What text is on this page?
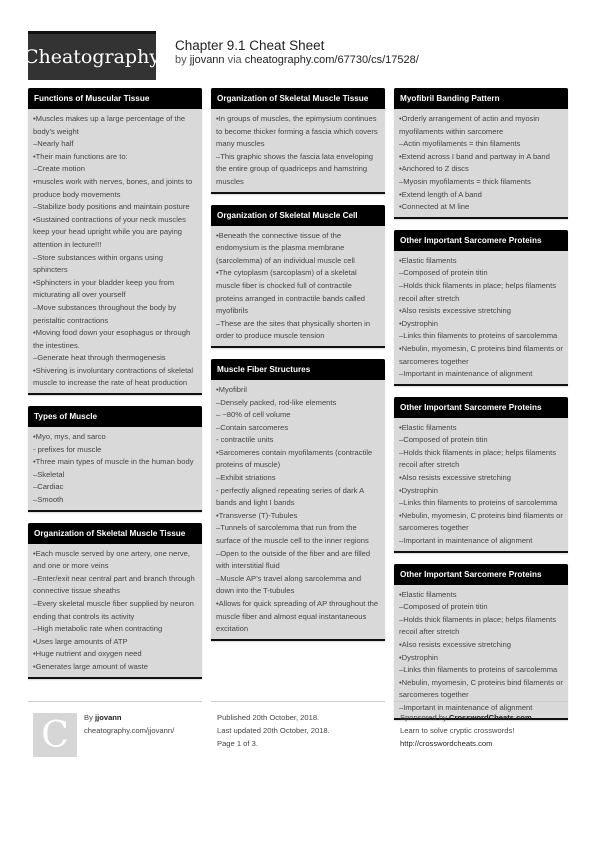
Cheatography
Chapter 9.1 Cheat Sheet
by jjovann via cheatography.com/67730/cs/17528/
Functions of Muscular Tissue
•Muscles makes up a large percentage of the body’s weight
–Nearly half
•Their main functions are to:
–Create motion
•muscles work with nerves, bones, and joints to produce body movements
–Stabilize body positions and maintain posture
•Sustained contractions of your neck muscles keep your head upright while you are paying attention in lecture!!!
–Store substances within organs using sphincters
•Sphincters in your bladder keep you from micturating all over yourself
–Move substances throughout the body by peristaltic contractions
•Moving food down your esophagus or through the intestines.
–Generate heat through thermogenesis
•Shivering is involuntary contractions of skeletal muscle to increase the rate of heat production
Types of Muscle
•Myo, mys, and sarco
- prefixes for muscle
•Three main types of muscle in the human body
–Skeletal
–Cardiac
–Smooth
Organization of Skeletal Muscle Tissue
•Each muscle served by one artery, one nerve, and one or more veins
–Enter/exit near central part and branch through connective tissue sheaths
–Every skeletal muscle fiber supplied by neuron ending that controls its activity
–High metabolic rate when contracting
•Uses large amounts of ATP
•Huge nutrient and oxygen need
•Generates large amount of waste
Organization of Skeletal Muscle Tissue
•In groups of muscles, the epimysium continues to become thicker forming a fascia which covers many muscles
–This graphic shows the fascia lata enveloping the entire group of quadriceps and hamstring muscles
Organization of Skeletal Muscle Cell
•Beneath the connective tissue of the endomysium is the plasma membrane (sarcolemma) of an individual muscle cell
•The cytoplasm (sarcoplasm) of a skeletal muscle fiber is chocked full of contractile proteins arranged in contractile bands called myofibrils
–These are the sites that physically shorten in order to produce muscle tension
Muscle Fiber Structures
•Myofibril
–Densely packed, rod-like elements
– ~80% of cell volume
–Contain sarcomeres
- contractile units
•Sarcomeres contain myofilaments (contractile proteins of muscle)
–Exhibit striations
- perfectly aligned repeating series of dark A bands and light I bands
•Transverse (T)-Tubules
–Tunnels of sarcolemma that run from the surface of the muscle cell to the inner regions
–Open to the outside of the fiber and are filled with interstitial fluid
–Muscle AP’s travel along sarcolemma and down into the T-tubules
•Allows for quick spreading of AP throughout the muscle fiber and almost equal instantaneous excitation
Myofibril Banding Pattern
•Orderly arrangement of actin and myosin myofilaments within sarcomere
–Actin myofilaments = thin filaments
•Extend across I band and partway in A band
•Anchored to Z discs
–Myosin myofilaments = thick filaments
•Extend length of A band
•Connected at M line
Other Important Sarcomere Proteins
•Elastic filaments
–Composed of protein titin
–Holds thick filaments in place; helps filaments recoil after stretch
•Also resists excessive stretching
•Dystrophin
–Links thin filaments to proteins of sarcolemma
•Nebulin, myomesin, C proteins bind filaments or sarcomeres together
–Important in maintenance of alignment
Other Important Sarcomere Proteins
•Elastic filaments
–Composed of protein titin
–Holds thick filaments in place; helps filaments recoil after stretch
•Also resists excessive stretching
•Dystrophin
–Links thin filaments to proteins of sarcolemma
•Nebulin, myomesin, C proteins bind filaments or sarcomeres together
–Important in maintenance of alignment
Other Important Sarcomere Proteins
•Elastic filaments
–Composed of protein titin
–Holds thick filaments in place; helps filaments recoil after stretch
•Also resists excessive stretching
•Dystrophin
–Links thin filaments to proteins of sarcolemma
•Nebulin, myomesin, C proteins bind filaments or sarcomeres together
–Important in maintenance of alignment
C	By jjovann
cheatography.com/jjovann/
Published 20th October, 2018.
Last updated 20th October, 2018.
Page 1 of 3.
Sponsored by CrosswordCheats.com
Learn to solve cryptic crosswords!
http://crosswordcheats.com
